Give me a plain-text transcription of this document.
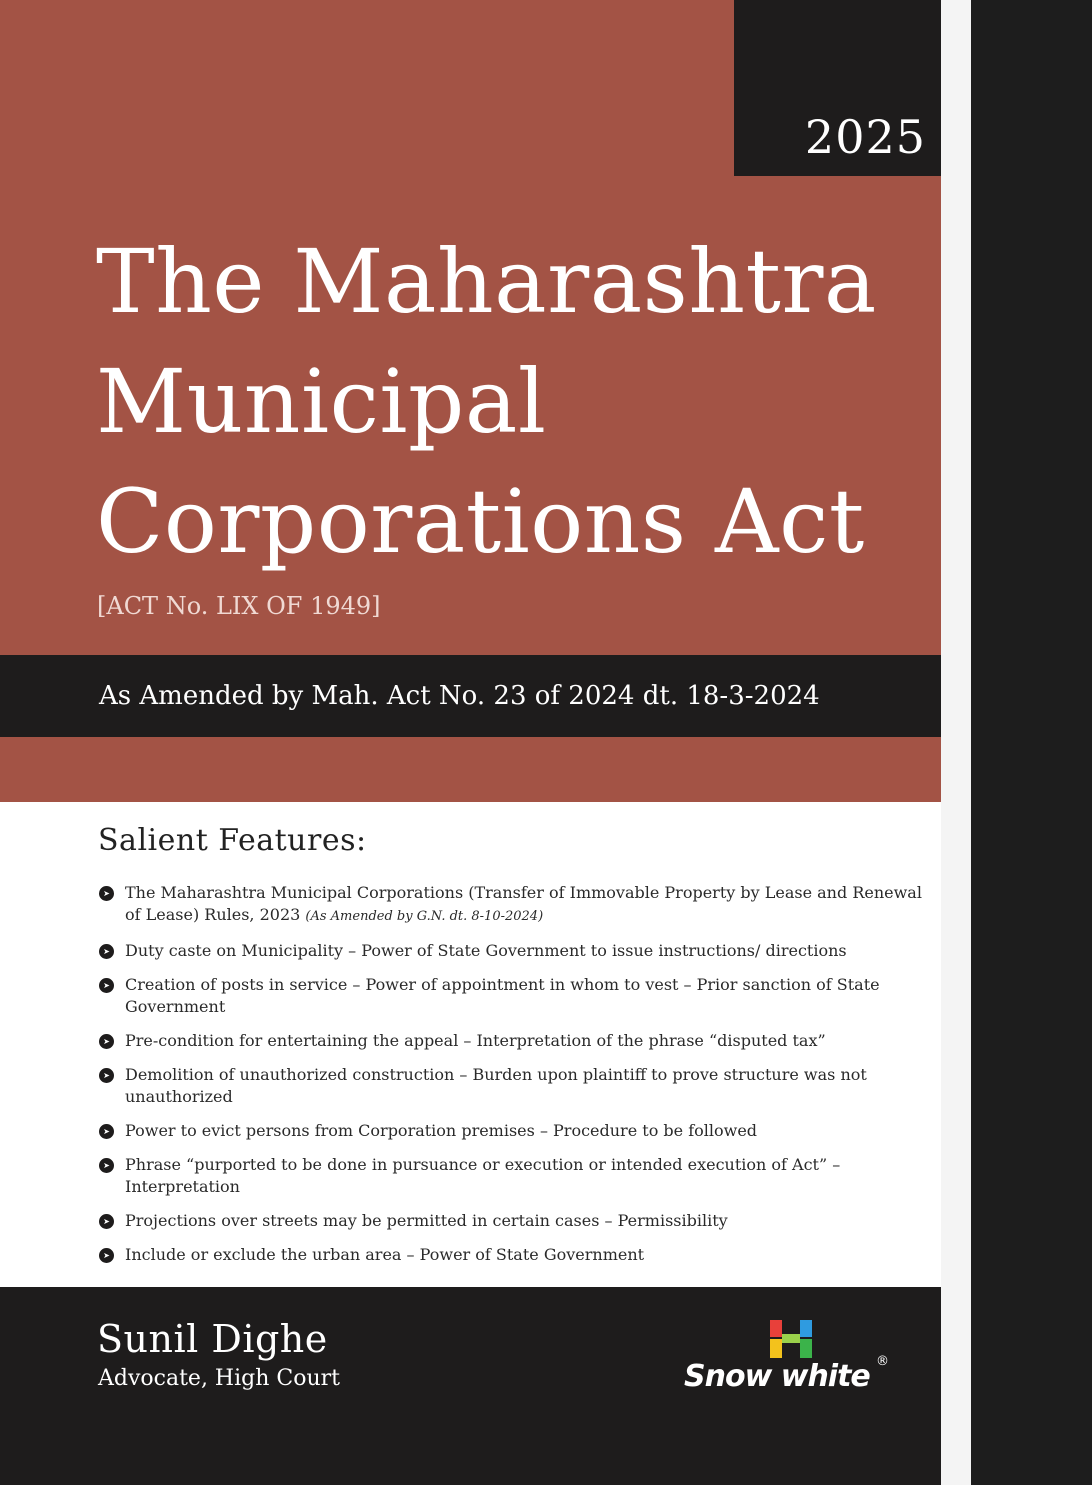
2025
The Maharashtra
Municipal
Corporations Act
[ACT No. LIX OF 1949]
As Amended by Mah. Act No. 23 of 2024 dt. 18-3-2024
Salient Features:
➤ The Maharashtra Municipal Corporations (Transfer of Immovable Property by Lease and Renewal of Lease) Rules, 2023 (As Amended by G.N. dt. 8-10-2024)
➤ Duty caste on Municipality – Power of State Government to issue instructions/ directions
➤ Creation of posts in service – Power of appointment in whom to vest – Prior sanction of State Government
➤ Pre-condition for entertaining the appeal – Interpretation of the phrase “disputed tax”
➤ Demolition of unauthorized construction – Burden upon plaintiff to prove structure was not unauthorized
➤ Power to evict persons from Corporation premises – Procedure to be followed
➤ Phrase “purported to be done in pursuance or execution or intended execution of Act” – Interpretation
➤ Projections over streets may be permitted in certain cases – Permissibility
➤ Include or exclude the urban area – Power of State Government
Sunil Dighe
Advocate, High Court	Snow white ®
